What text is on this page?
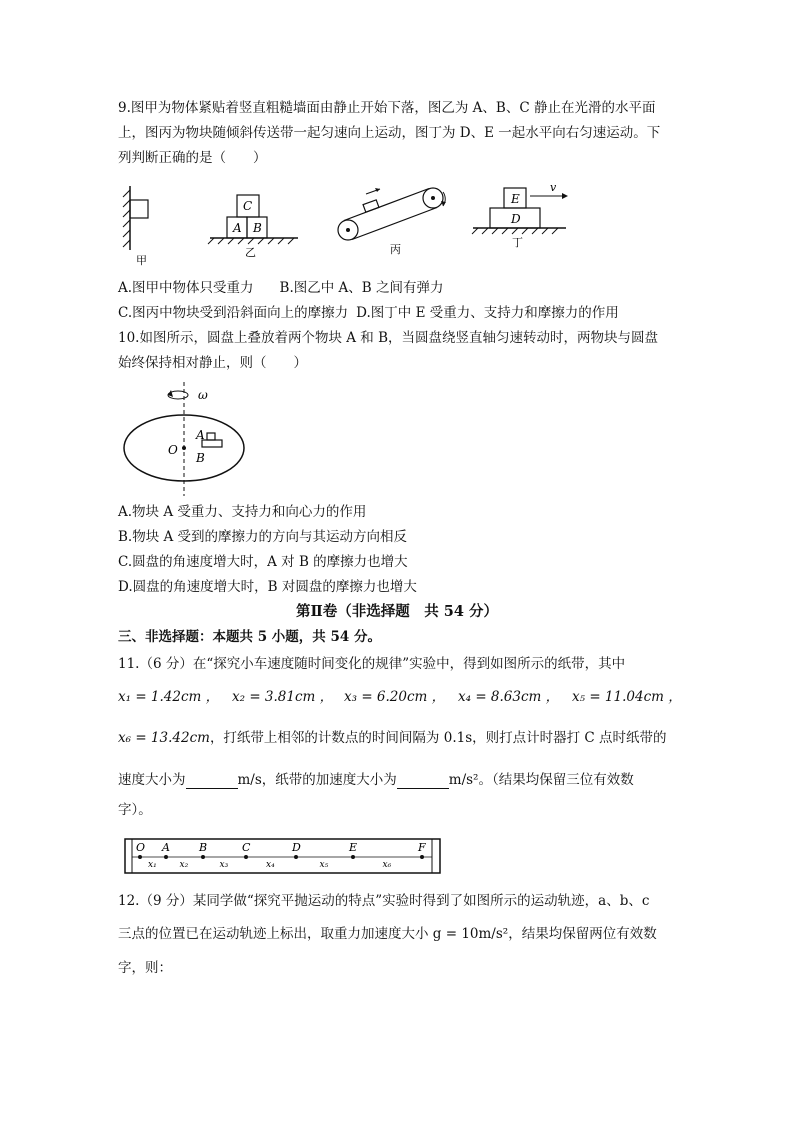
9.图甲为物体紧贴着竖直粗糙墙面由静止开始下落，图乙为 A、B、C 静止在光滑的水平面
上，图丙为物块随倾斜传送带一起匀速向上运动，图丁为 D、E 一起水平向右匀速运动。下
列判断正确的是（　　）
甲
A B
C
乙	丙
D
E
v
丁
A.图甲中物体只受重力 B.图乙中 A、B 之间有弹力
C.图丙中物块受到沿斜面向上的摩擦力 D.图丁中 E 受重力、支持力和摩擦力的作用
10.如图所示，圆盘上叠放着两个物块 A 和 B，当圆盘绕竖直轴匀速转动时，两物块与圆盘
始终保持相对静止，则（　　）
ω
O
A
B
A.物块 A 受重力、支持力和向心力的作用
B.物块 A 受到的摩擦力的方向与其运动方向相反
C.圆盘的角速度增大时，A 对 B 的摩擦力也增大
D.圆盘的角速度增大时，B 对圆盘的摩擦力也增大
第Ⅱ卷（非选择题　共 54 分）
三、非选择题：本题共 5 小题，共 54 分。
11.（6 分）在“探究小车速度随时间变化的规律”实验中，得到如图所示的纸带，其中
x₁ = 1.42cm ， x₂ = 3.81cm ， x₃ = 6.20cm ， x₄ = 8.63cm ， x₅ = 11.04cm ，
x₆ = 13.42cm，打纸带上相邻的计数点的时间间隔为 0.1s，则打点计时器打 C 点时纸带的
速度大小为	m/s，纸带的加速度大小为	m/s²。（结果均保留三位有效数
字）。
O A	B	C	D	E	F
x₁	x₂	x₃	x₄	x₅	x₆
12.（9 分）某同学做“探究平抛运动的特点”实验时得到了如图所示的运动轨迹，a、b、c
三点的位置已在运动轨迹上标出，取重力加速度大小 g = 10m/s²，结果均保留两位有效数
字，则：
